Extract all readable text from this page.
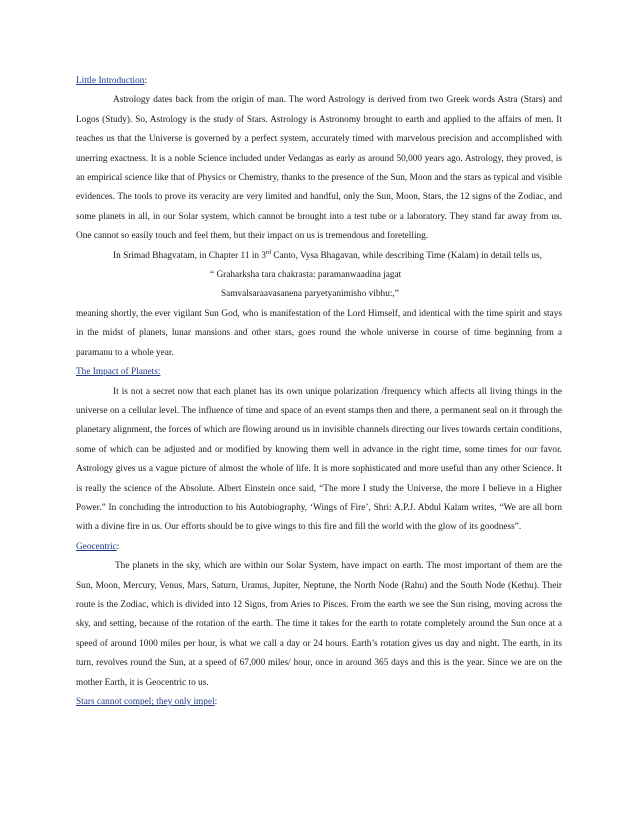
Little Introduction:

Astrology dates back from the origin of man. The word Astrology is derived from two Greek words Astra (Stars) and Logos (Study). So, Astrology is the study of Stars. Astrology is Astronomy brought to earth and applied to the affairs of men. It teaches us that the Universe is governed by a perfect system, accurately timed with marvelous precision and accomplished with unerring exactness. It is a noble Science included under Vedangas as early as around 50,000 years ago. Astrology, they proved, is an empirical science like that of Physics or Chemistry, thanks to the presence of the Sun, Moon and the stars as typical and visible evidences. The tools to prove its veracity are very limited and handful, only the Sun, Moon, Stars, the 12 signs of the Zodiac, and some planets in all, in our Solar system, which cannot be brought into a test tube or a laboratory. They stand far away from us. One cannot so easily touch and feel them, but their impact on us is tremendous and foretelling.

In Srimad Bhagvatam, in Chapter 11 in 3rd Canto, Vysa Bhagavan, while describing Time (Kalam) in detail tells us,

“ Graharksha tara chakrasta: paramanwaadina jagat
Samvalsaraavasanena paryetyanimisho vibhu:,”

meaning shortly, the ever vigilant Sun God, who is manifestation of the Lord Himself, and identical with the time spirit and stays in the midst of planets, lunar mansions and other stars, goes round the whole universe in course of time beginning from a paramanu to a whole year.

The Impact of Planets:

It is not a secret now that each planet has its own unique polarization /frequency which affects all living things in the universe on a cellular level. The influence of time and space of an event stamps then and there, a permanent seal on it through the planetary alignment, the forces of which are flowing around us in invisible channels directing our lives towards certain conditions, some of which can be adjusted and or modified by knowing them well in advance in the right time, some times for our favor. Astrology gives us a vague picture of almost the whole of life. It is more sophisticated and more useful than any other Science. It is really the science of the Absolute. Albert Einstein once said, “The more I study the Universe, the more I believe in a Higher Power.” In concluding the introduction to his Autobiography, ‘Wings of Fire’, Shri: A.P.J. Abdul Kalam writes, “We are all born with a divine fire in us. Our efforts should be to give wings to this fire and fill the world with the glow of its goodness”.

Geocentric:

The planets in the sky, which are within our Solar System, have impact on earth. The most important of them are the Sun, Moon, Mercury, Venus, Mars, Saturn, Uranus, Jupiter, Neptune, the North Node (Rahu) and the South Node (Kethu). Their route is the Zodiac, which is divided into 12 Signs, from Aries to Pisces. From the earth we see the Sun rising, moving across the sky, and setting, because of the rotation of the earth. The time it takes for the earth to rotate completely around the Sun once at a speed of around 1000 miles per hour, is what we call a day or 24 hours. Earth’s rotation gives us day and night. The earth, in its turn, revolves round the Sun, at a speed of 67,000 miles/ hour, once in around 365 days and this is the year. Since we are on the mother Earth, it is Geocentric to us.

Stars cannot compel; they only impel:
